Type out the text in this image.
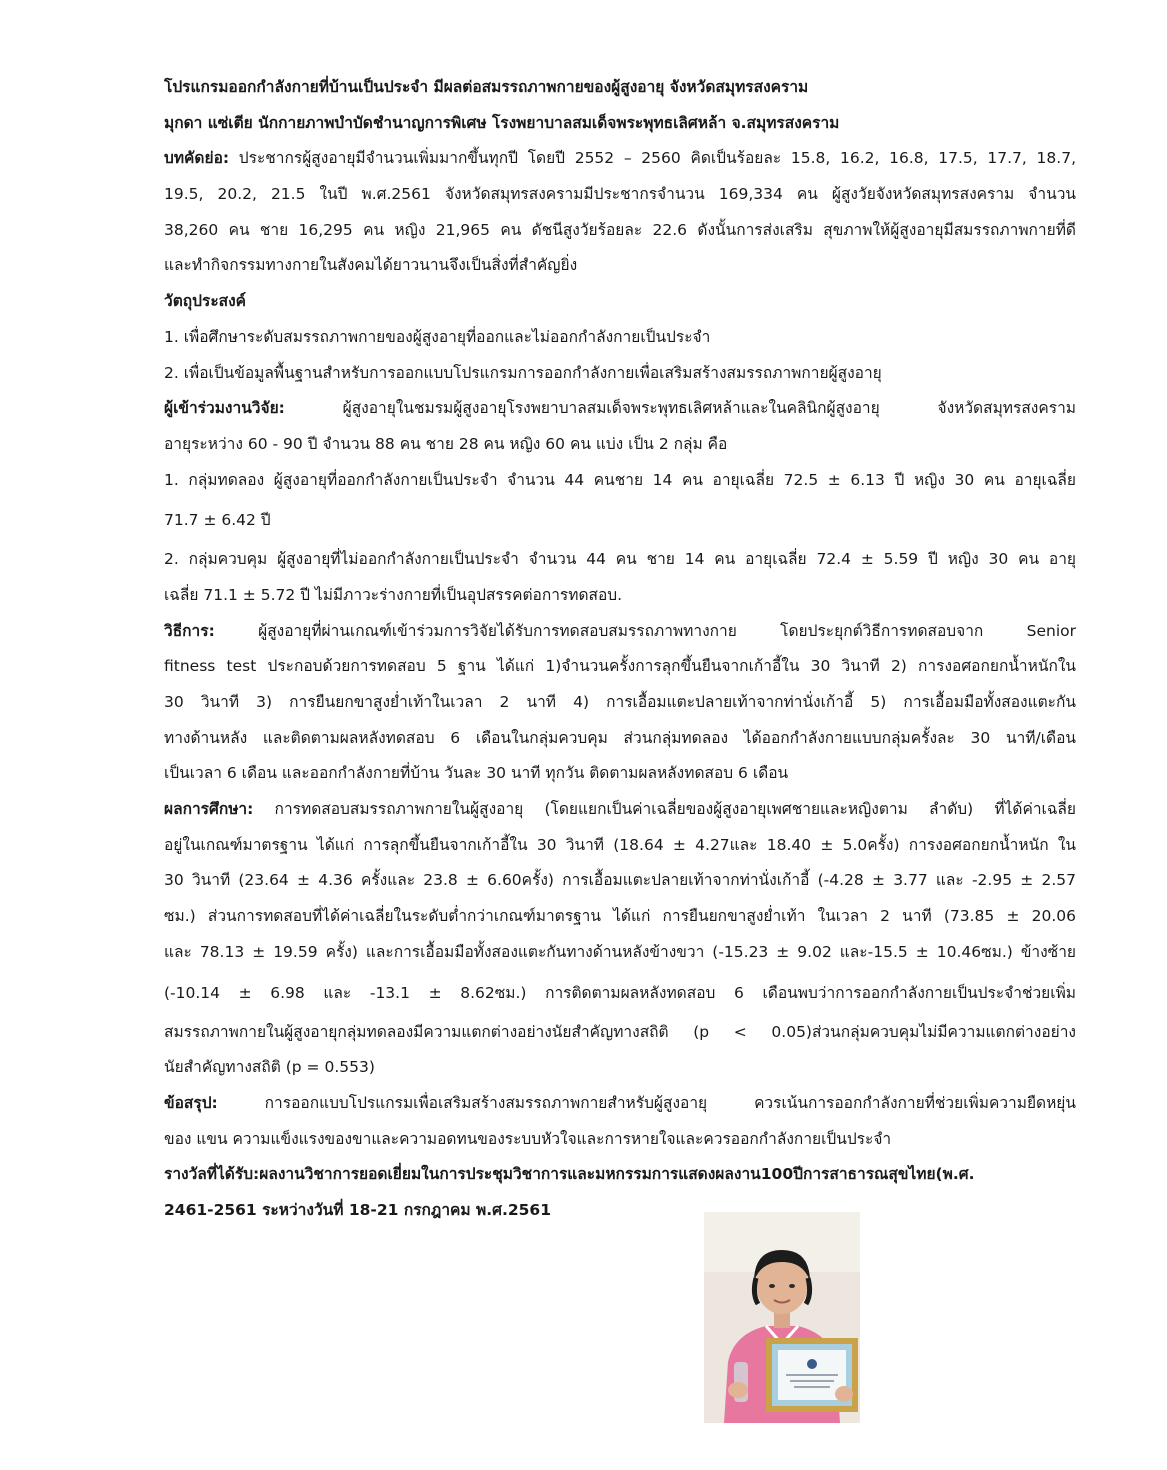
โปรแกรมออกกำลังกายที่บ้านเป็นประจำ มีผลต่อสมรรถภาพกายของผู้สูงอายุ จังหวัดสมุทรสงคราม
มุกดา แซ่เตีย นักกายภาพบำบัดชำนาญการพิเศษ โรงพยาบาลสมเด็จพระพุทธเลิศหล้า จ.สมุทรสงคราม
บทคัดย่อ: ประชากรผู้สูงอายุมีจำนวนเพิ่มมากขึ้นทุกปี โดยปี 2552 – 2560 คิดเป็นร้อยละ 15.8, 16.2, 16.8, 17.5, 17.7, 18.7,
19.5, 20.2, 21.5 ในปี พ.ศ.2561 จังหวัดสมุทรสงครามมีประชากรจำนวน 169,334 คน ผู้สูงวัยจังหวัดสมุทรสงคราม จำนวน
38,260 คน ชาย 16,295 คน หญิง 21,965 คน ดัชนีสูงวัยร้อยละ 22.6 ดังนั้นการส่งเสริม สุขภาพให้ผู้สูงอายุมีสมรรถภาพกายที่ดี
และทำกิจกรรมทางกายในสังคมได้ยาวนานจึงเป็นสิ่งที่สำคัญยิ่ง
วัตถุประสงค์
1. เพื่อศึกษาระดับสมรรถภาพกายของผู้สูงอายุที่ออกและไม่ออกกำลังกายเป็นประจำ
2. เพื่อเป็นข้อมูลพื้นฐานสำหรับการออกแบบโปรแกรมการออกกำลังกายเพื่อเสริมสร้างสมรรถภาพกายผู้สูงอายุ
ผู้เข้าร่วมงานวิจัย: ผู้สูงอายุในชมรมผู้สูงอายุโรงพยาบาลสมเด็จพระพุทธเลิศหล้าและในคลินิกผู้สูงอายุ จังหวัดสมุทรสงคราม
อายุระหว่าง 60 - 90 ปี จำนวน 88 คน ชาย 28 คน หญิง 60 คน แบ่ง เป็น 2 กลุ่ม คือ
1. กลุ่มทดลอง ผู้สูงอายุที่ออกกำลังกายเป็นประจำ จำนวน 44 คนชาย 14 คน อายุเฉลี่ย 72.5 ± 6.13 ปี หญิง 30 คน อายุเฉลี่ย
71.7 ± 6.42 ปี
2. กลุ่มควบคุม ผู้สูงอายุที่ไม่ออกกำลังกายเป็นประจำ จำนวน 44 คน ชาย 14 คน อายุเฉลี่ย 72.4 ± 5.59 ปี หญิง 30 คน อายุ
เฉลี่ย 71.1 ± 5.72 ปี ไม่มีภาวะร่างกายที่เป็นอุปสรรคต่อการทดสอบ.
วิธีการ: ผู้สูงอายุที่ผ่านเกณฑ์เข้าร่วมการวิจัยได้รับการทดสอบสมรรถภาพทางกาย โดยประยุกต์วิธีการทดสอบจาก Senior
fitness test ประกอบด้วยการทดสอบ 5 ฐาน ได้แก่ 1)จำนวนครั้งการลุกขึ้นยืนจากเก้าอี้ใน 30 วินาที 2) การงอศอกยกน้ำหนักใน
30 วินาที 3) การยืนยกขาสูงย่ำเท้าในเวลา 2 นาที 4) การเอื้อมแตะปลายเท้าจากท่านั่งเก้าอี้ 5) การเอื้อมมือทั้งสองแตะกัน
ทางด้านหลัง และติดตามผลหลังทดสอบ 6 เดือนในกลุ่มควบคุม ส่วนกลุ่มทดลอง ได้ออกกำลังกายแบบกลุ่มครั้งละ 30 นาที/เดือน
เป็นเวลา 6 เดือน และออกกำลังกายที่บ้าน วันละ 30 นาที ทุกวัน ติดตามผลหลังทดสอบ 6 เดือน
ผลการศึกษา: การทดสอบสมรรถภาพกายในผู้สูงอายุ (โดยแยกเป็นค่าเฉลี่ยของผู้สูงอายุเพศชายและหญิงตาม ลำดับ) ที่ได้ค่าเฉลี่ย
อยู่ในเกณฑ์มาตรฐาน ได้แก่ การลุกขึ้นยืนจากเก้าอี้ใน 30 วินาที (18.64 ± 4.27และ 18.40 ± 5.0ครั้ง) การงอศอกยกน้ำหนัก ใน
30 วินาที (23.64 ± 4.36 ครั้งและ 23.8 ± 6.60ครั้ง) การเอื้อมแตะปลายเท้าจากท่านั่งเก้าอี้ (-4.28 ± 3.77 และ -2.95 ± 2.57
ซม.) ส่วนการทดสอบที่ได้ค่าเฉลี่ยในระดับต่ำกว่าเกณฑ์มาตรฐาน ได้แก่ การยืนยกขาสูงย่ำเท้า ในเวลา 2 นาที (73.85 ± 20.06
และ 78.13 ± 19.59 ครั้ง) และการเอื้อมมือทั้งสองแตะกันทางด้านหลังข้างขวา (-15.23 ± 9.02 และ-15.5 ± 10.46ซม.) ข้างซ้าย
(-10.14 ± 6.98 และ -13.1 ± 8.62ซม.) การติดตามผลหลังทดสอบ 6 เดือนพบว่าการออกกำลังกายเป็นประจำช่วยเพิ่ม
สมรรถภาพกายในผู้สูงอายุกลุ่มทดลองมีความแตกต่างอย่างนัยสำคัญทางสถิติ (p < 0.05)ส่วนกลุ่มควบคุมไม่มีความแตกต่างอย่าง
นัยสำคัญทางสถิติ (p = 0.553)
ข้อสรุป: การออกแบบโปรแกรมเพื่อเสริมสร้างสมรรถภาพกายสำหรับผู้สูงอายุ ควรเน้นการออกกำลังกายที่ช่วยเพิ่มความยืดหยุ่น
ของ แขน ความแข็งแรงของขาและความอดทนของระบบหัวใจและการหายใจและควรออกกำลังกายเป็นประจำ
รางวัลที่ได้รับ:ผลงานวิชาการยอดเยี่ยมในการประชุมวิชาการและมหกรรมการแสดงผลงาน100ปีการสาธารณสุขไทย(พ.ศ.
2461-2561 ระหว่างวันที่ 18-21 กรกฎาคม พ.ศ.2561
